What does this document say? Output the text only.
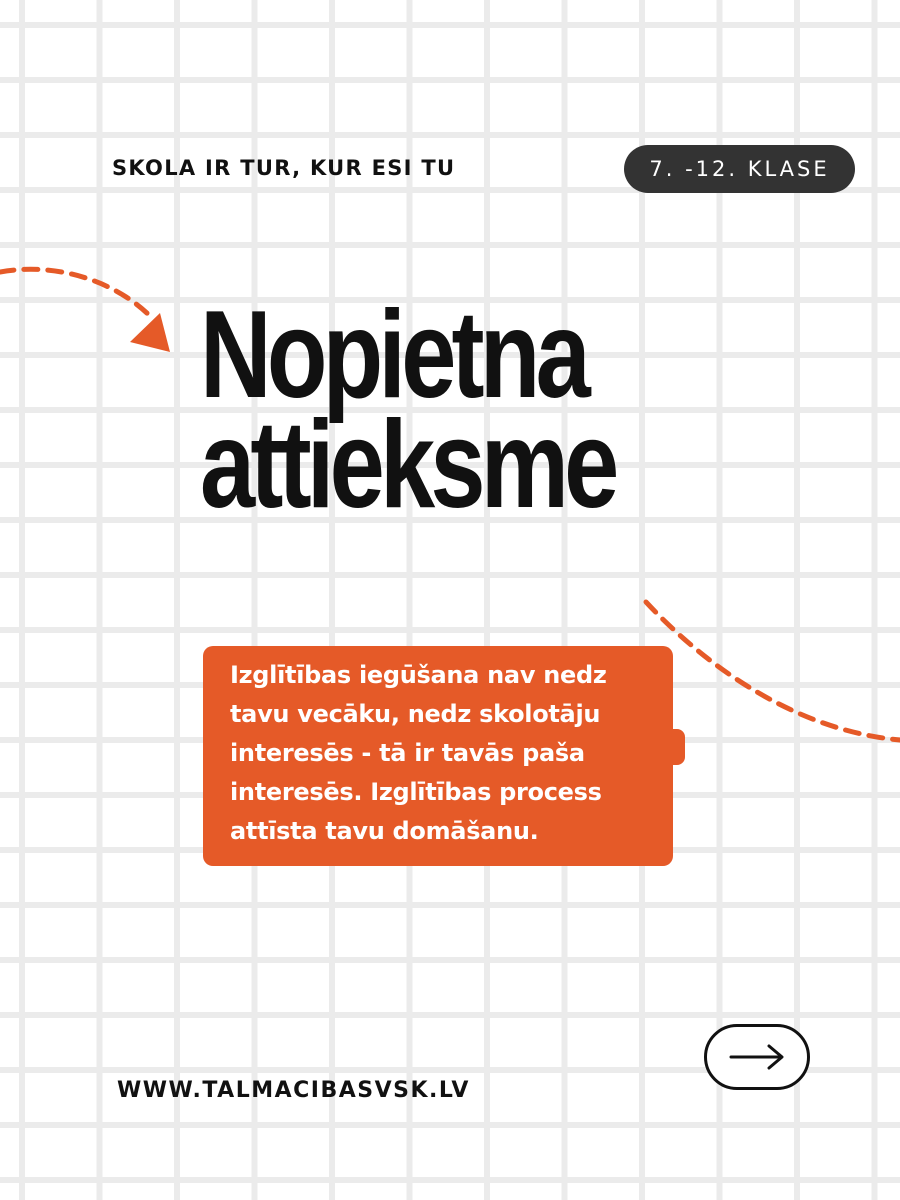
SKOLA IR TUR, KUR ESI TU	7. -12. KLASE
Nopietna
attieksme
Izglītības iegūšana nav nedz
tavu vecāku, nedz skolotāju
interesēs - tā ir tavās paša
interesēs. Izglītības process
attīsta tavu domāšanu.
WWW.TALMACIBASVSK.LV
